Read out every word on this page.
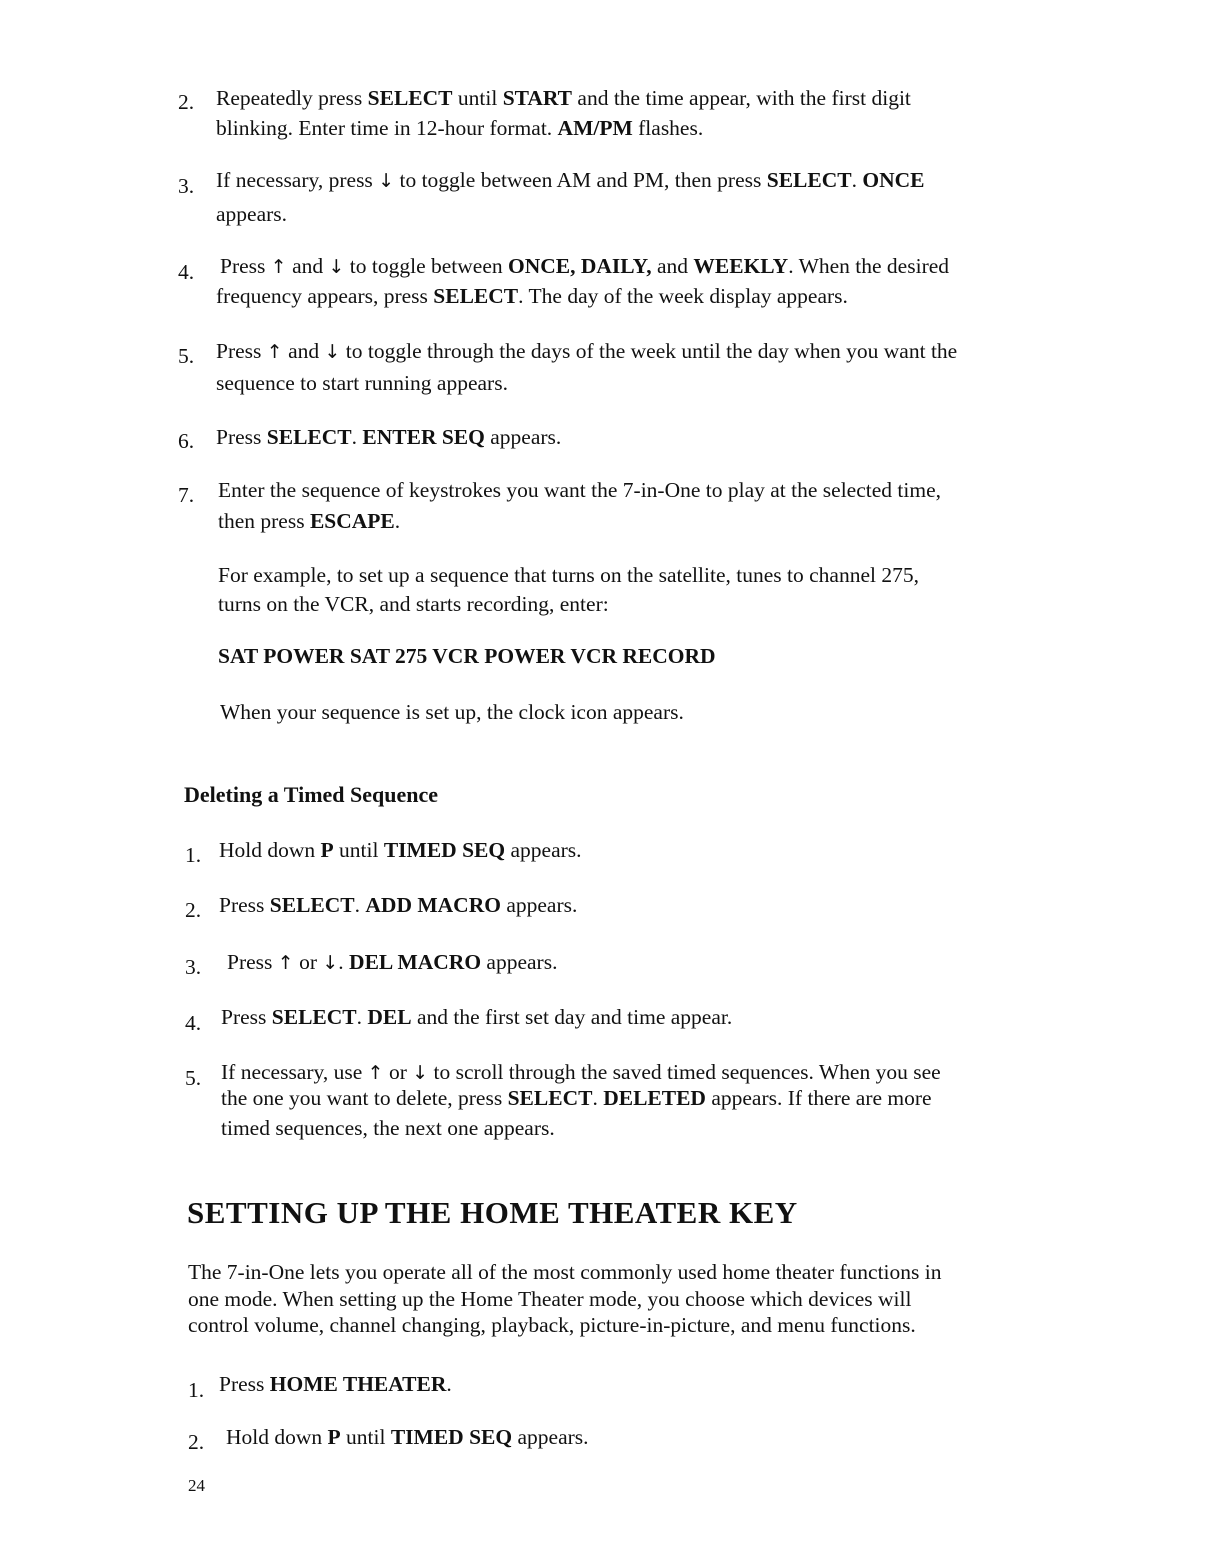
2. Repeatedly press SELECT until START and the time appear, with the first digit
blinking. Enter time in 12-hour format. AM/PM flashes.
3. If necessary, press ↓ to toggle between AM and PM, then press SELECT. ONCE
appears.
4. Press ↑ and ↓ to toggle between ONCE, DAILY, and WEEKLY. When the desired
frequency appears, press SELECT. The day of the week display appears.
5. Press ↑ and ↓ to toggle through the days of the week until the day when you want the
sequence to start running appears.
6. Press SELECT. ENTER SEQ appears.
7. Enter the sequence of keystrokes you want the 7-in-One to play at the selected time,
then press ESCAPE.
For example, to set up a sequence that turns on the satellite, tunes to channel 275,
turns on the VCR, and starts recording, enter:
SAT POWER SAT 275 VCR POWER VCR RECORD
When your sequence is set up, the clock icon appears.
Deleting a Timed Sequence
1. Hold down P until TIMED SEQ appears.
2. Press SELECT. ADD MACRO appears.
3. Press ↑ or ↓. DEL MACRO appears.
4. Press SELECT. DEL and the first set day and time appear.
5. If necessary, use ↑ or ↓ to scroll through the saved timed sequences. When you see
the one you want to delete, press SELECT. DELETED appears. If there are more
timed sequences, the next one appears.
SETTING UP THE HOME THEATER KEY
The 7-in-One lets you operate all of the most commonly used home theater functions in
one mode. When setting up the Home Theater mode, you choose which devices will
control volume, channel changing, playback, picture-in-picture, and menu functions.
1. Press HOME THEATER.
2. Hold down P until TIMED SEQ appears.
24
